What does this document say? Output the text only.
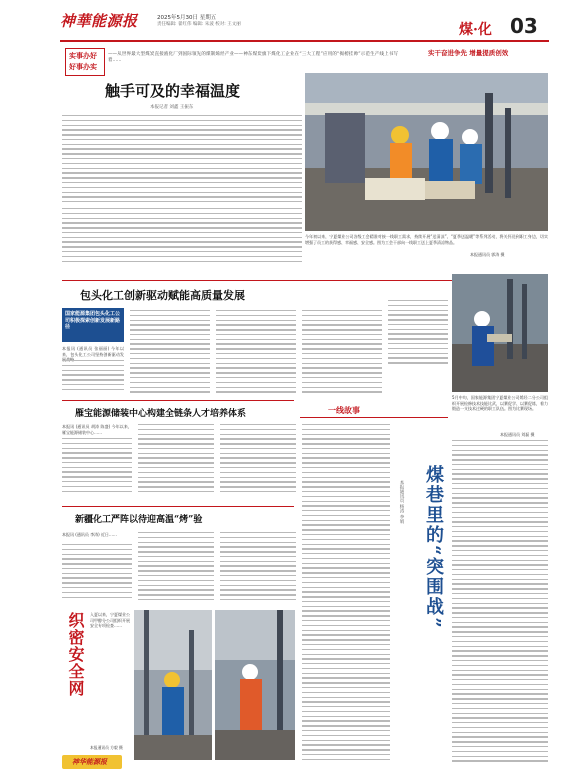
神華能源报	2025年5月30日 星期五
责任编辑: 翟红伟 编辑: 朱波 校对: 王文丽	煤·化 03
实干奋进争先 增量提质创效
实事办好
好事办实
——从世界最大型煤炭直接液化厂到国际领先的煤制烯烃产业——神东煤炭旗下煤化工企业在“三大工程”应用的“揭榜挂帅”示范生产线上书写着……
触手可及的幸福温度
本报记者 刘鑫 王振东
今年初以来，宁夏煤业公司各级工会精准对接一线职工需求，持续开展“送清凉”、“夏季送温暖”等系列活动，将关怀送到职工身边，切实增强了员工的获得感、幸福感、安全感。图为工会干部向一线职工送上夏季清凉物品。
本报通讯员 郭涛 摄
包头化工创新驱动赋能高质量发展
国家能源集团包头化工公司积极探索创新发展新路径
本报讯 (通讯员 张丽丽) 今年以来，包头化工公司坚持创新驱动发
5月中旬，国家能源集团宁夏煤业公司烯烃二分公司组织开展检修技术技能比武，以赛促学、以赛促练，着力锻造一支技术过硬的职工队伍。图为比赛现场。
本报通讯员 刘磊 摄
一线故事
煤巷里的“突围战”
本报通讯员 杨涛 李娟
雁宝能源储装中心构建全链条人才培养体系
本报讯 (通讯员 胡涛 陈盛) 今年以来，雁宝能源储装中心……
新疆化工严阵以待迎高温“烤”验
本报讯 (通讯员 李涛) 近日……
织密安全网	入夏以来，宁夏煤业公司甲醇分公司组织开展安全专项检查……
本报通讯员 方毅 摄
神华能源报
